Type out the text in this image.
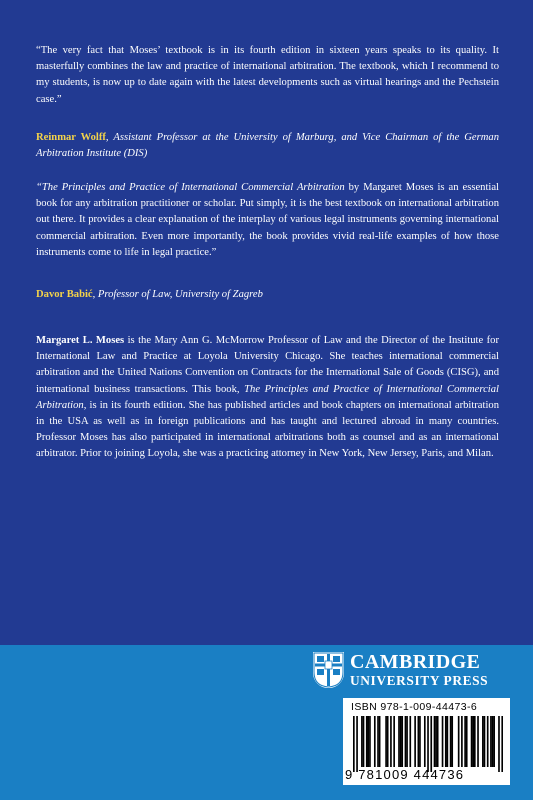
“The very fact that Moses’ textbook is in its fourth edition in sixteen years speaks to its quality. It masterfully combines the law and practice of international arbitration. The textbook, which I recommend to my students, is now up to date again with the latest developments such as virtual hearings and the Pechstein case.”

Reinmar Wolff, Assistant Professor at the University of Marburg, and Vice Chairman of the German Arbitration Institute (DIS)

“The Principles and Practice of International Commercial Arbitration by Margaret Moses is an essential book for any arbitration practitioner or scholar. Put simply, it is the best textbook on international arbitration out there. It provides a clear explanation of the interplay of various legal instruments governing international commercial arbitration. Even more importantly, the book provides vivid real-life examples of how those instruments come to life in legal practice.”

Davor Babić, Professor of Law, University of Zagreb

Margaret L. Moses is the Mary Ann G. McMorrow Professor of Law and the Director of the Institute for International Law and Practice at Loyola University Chicago. She teaches international commercial arbitration and the United Nations Convention on Contracts for the International Sale of Goods (CISG), and international business transactions. This book, The Principles and Practice of International Commercial Arbitration, is in its fourth edition. She has published articles and book chapters on international arbitration in the USA as well as in foreign publications and has taught and lectured abroad in many countries. Professor Moses has also participated in international arbitrations both as counsel and as an international arbitrator. Prior to joining Loyola, she was a practicing attorney in New York, New Jersey, Paris, and Milan.

CAMBRIDGE
UNIVERSITY PRESS
ISBN 978-1-009-44473-6
9 781009 444736
